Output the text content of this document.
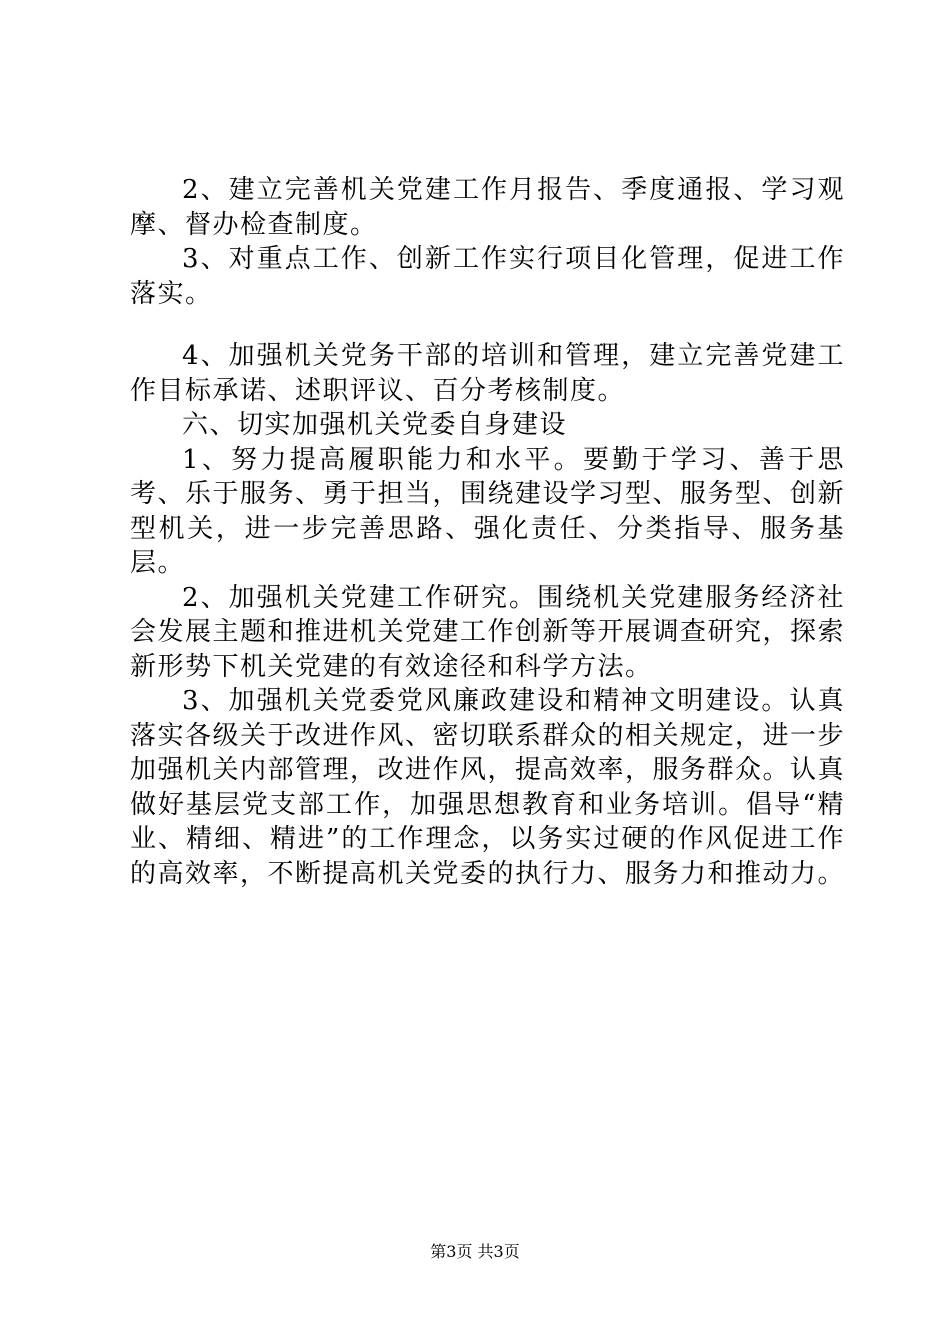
2、建立完善机关党建工作月报告、季度通报、学习观摩、督办检查制度。

3、对重点工作、创新工作实行项目化管理，促进工作落实。

4、加强机关党务干部的培训和管理，建立完善党建工作目标承诺、述职评议、百分考核制度。

六、切实加强机关党委自身建设

1、努力提高履职能力和水平。要勤于学习、善于思考、乐于服务、勇于担当，围绕建设学习型、服务型、创新型机关，进一步完善思路、强化责任、分类指导、服务基层。

2、加强机关党建工作研究。围绕机关党建服务经济社会发展主题和推进机关党建工作创新等开展调查研究，探索新形势下机关党建的有效途径和科学方法。

3、加强机关党委党风廉政建设和精神文明建设。认真落实各级关于改进作风、密切联系群众的相关规定，进一步加强机关内部管理，改进作风，提高效率，服务群众。认真做好基层党支部工作，加强思想教育和业务培训。倡导“精业、精细、精进”的工作理念，以务实过硬的作风促进工作的高效率，不断提高机关党委的执行力、服务力和推动力。

第3页 共3页
